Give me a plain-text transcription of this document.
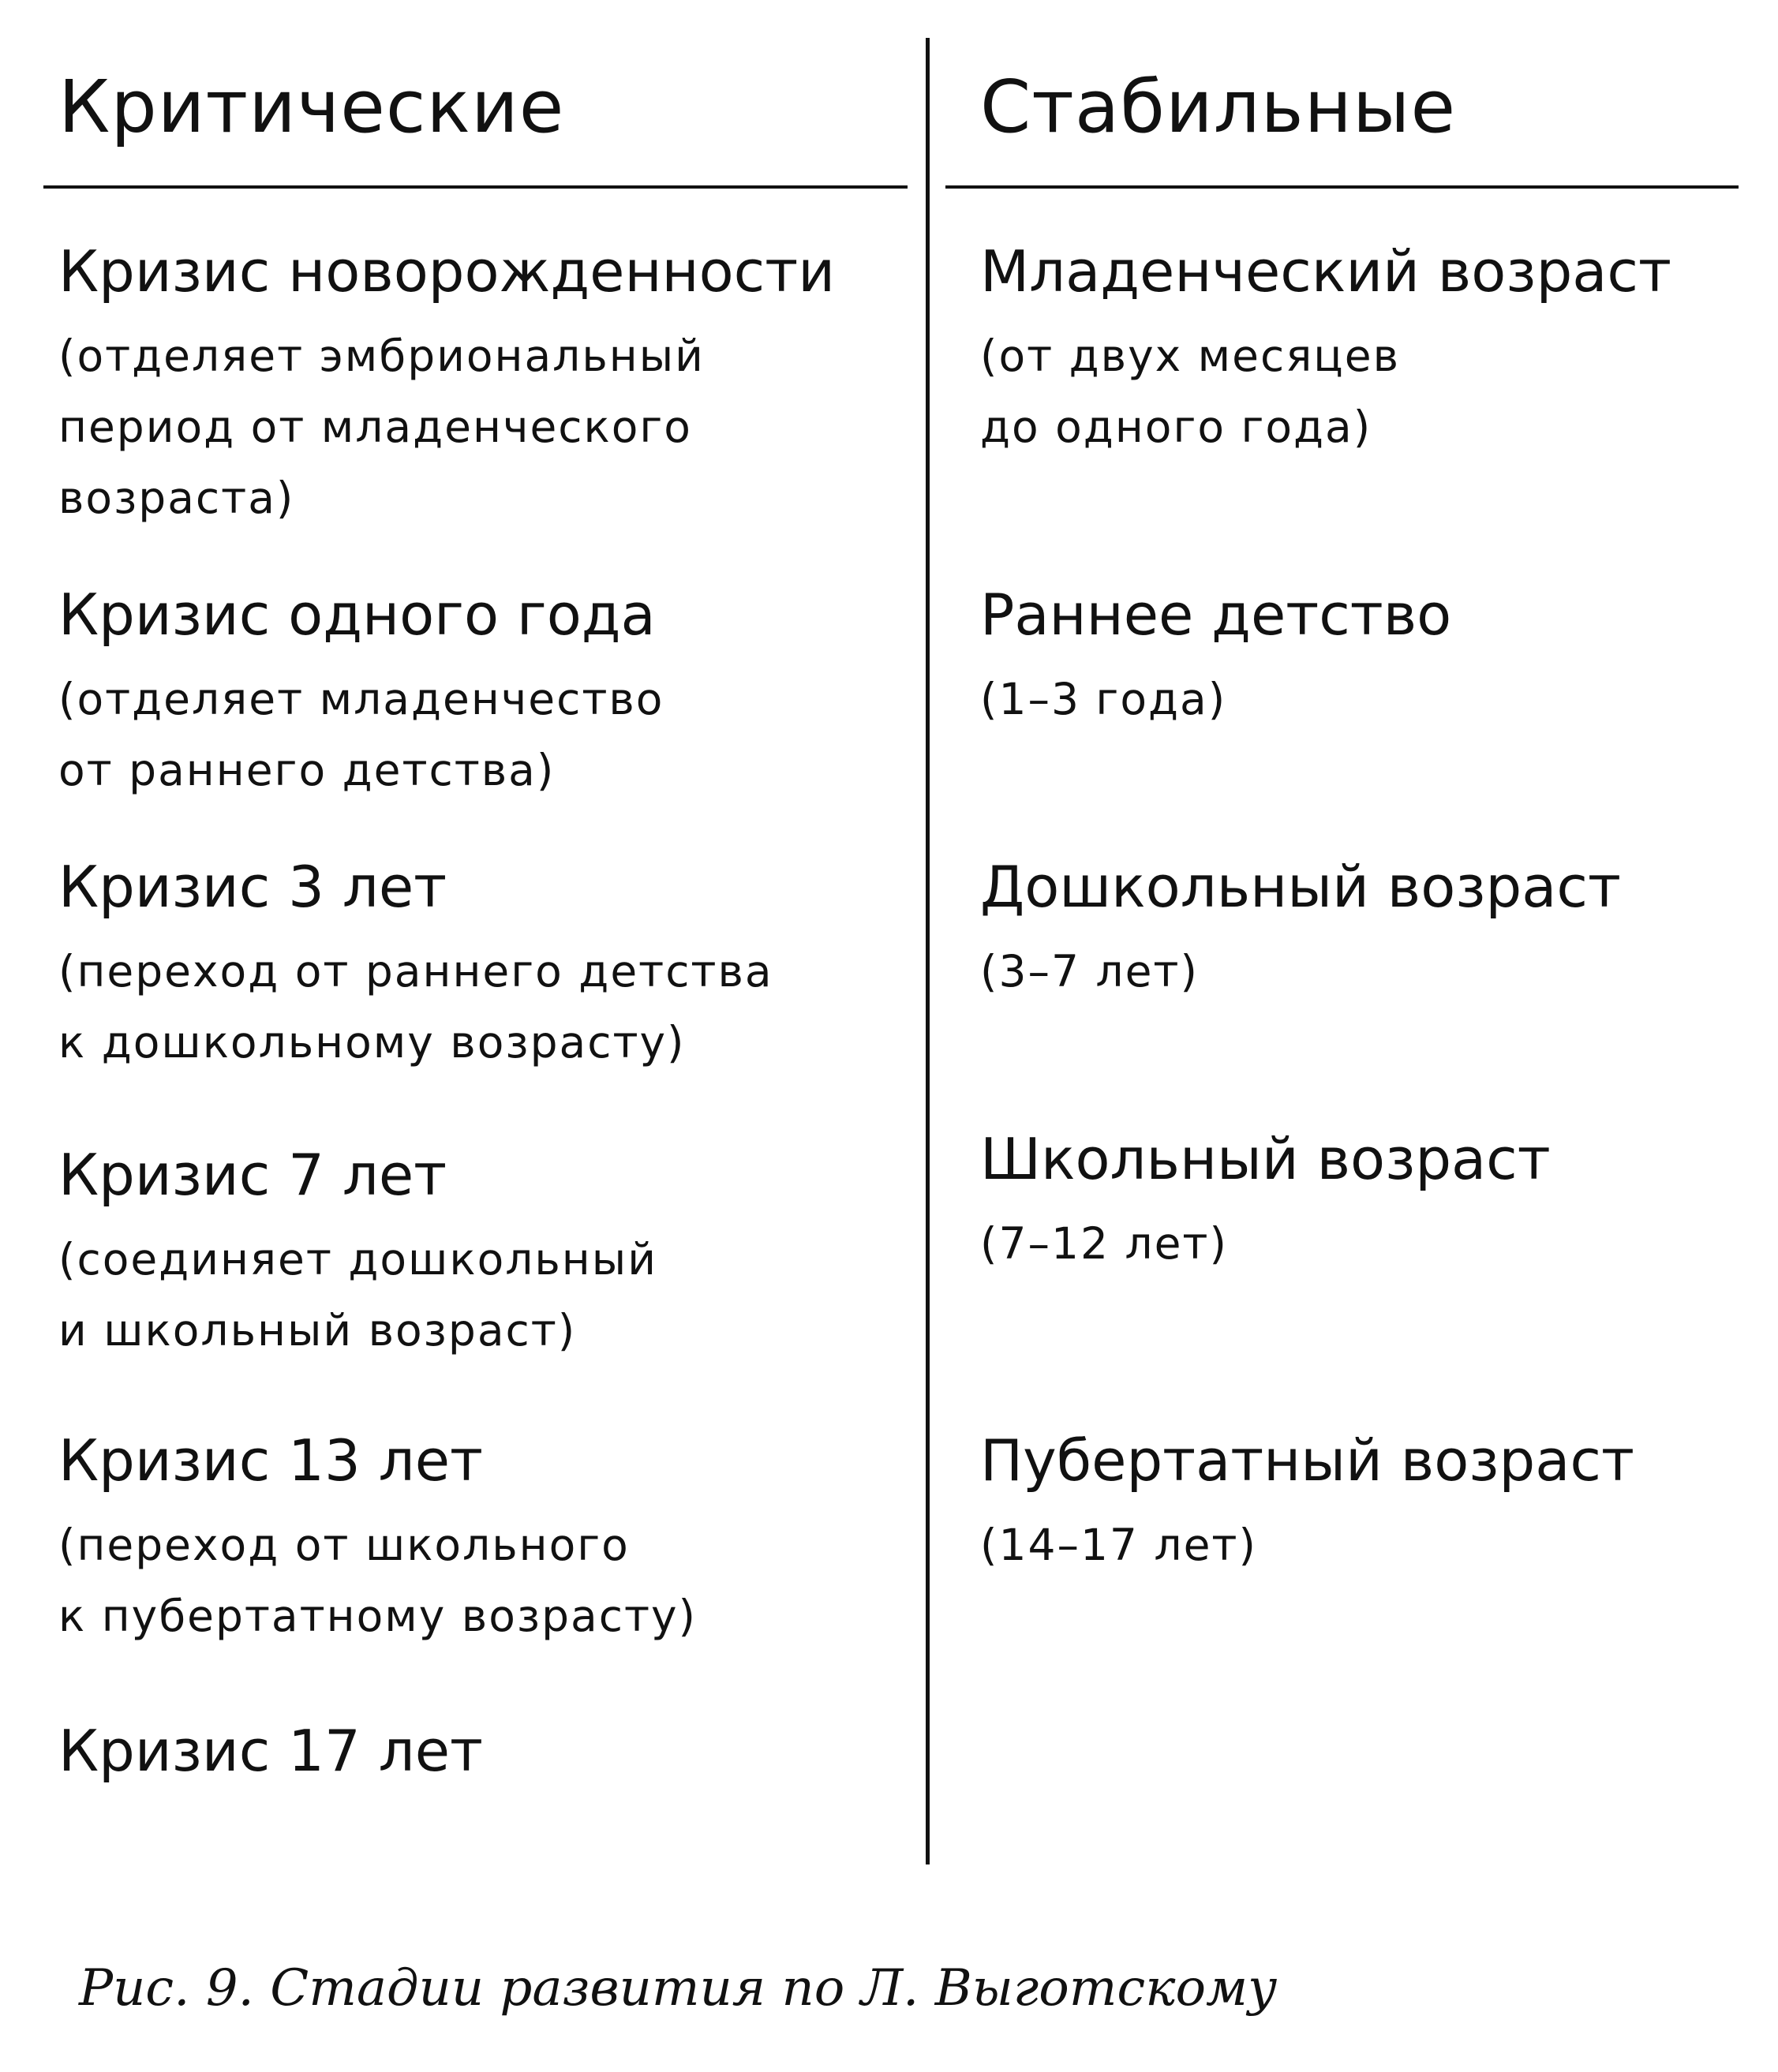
Критические	Стабильные
Кризис новорожденности
(отделяет эмбриональный
период от младенческого
возраста)
Кризис одного года
(отделяет младенчество
от раннего детства)
Кризис 3 лет
(переход от раннего детства
к дошкольному возрасту)
Кризис 7 лет
(соединяет дошкольный
и школьный возраст)
Кризис 13 лет
(переход от школьного
к пубертатному возрасту)
Кризис 17 лет
Младенческий возраст
(от двух месяцев
до одного года)
Раннее детство
(1–3 года)
Дошкольный возраст
(3–7 лет)
Школьный возраст
(7–12 лет)
Пубертатный возраст
(14–17 лет)
Рис. 9. Стадии развития по Л. Выготскому
